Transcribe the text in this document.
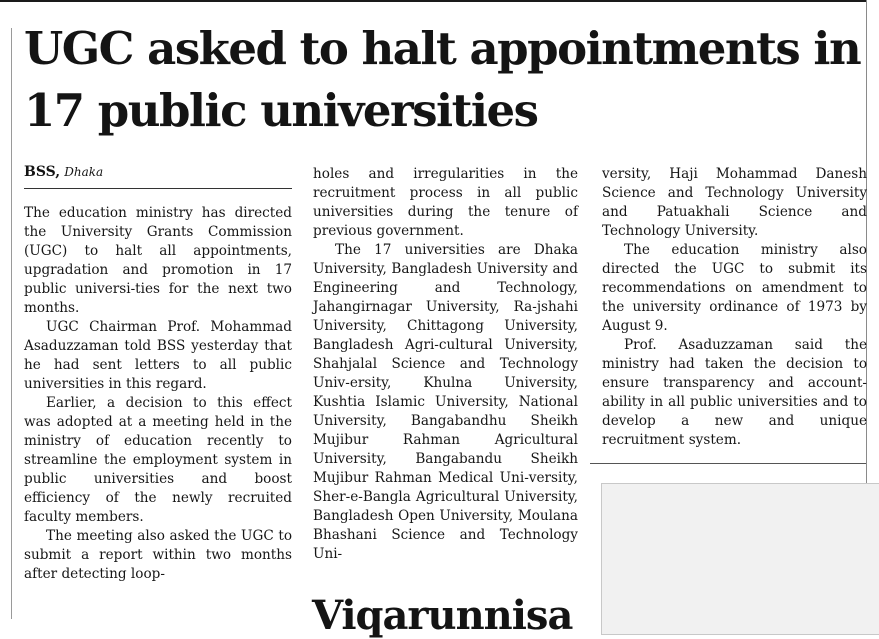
UGC asked to halt appointments in 17 public universities
BSS, Dhaka

The education ministry has directed the University Grants Commission (UGC) to halt all appointments, upgradation and promotion in 17 public universi-ties for the next two months.

UGC Chairman Prof. Mohammad Asaduzzaman told BSS yesterday that he had sent letters to all public universities in this regard.

Earlier, a decision to this effect was adopted at a meeting held in the ministry of education recently to streamline the employment system in public universities and boost efficiency of the newly recruited faculty members.

The meeting also asked the UGC to submit a report within two months after detecting loop-

holes and irregularities in the recruitment process in all public universities during the tenure of previous government.

The 17 universities are Dhaka University, Bangladesh University and Engineering and Technology, Jahangirnagar University, Ra-jshahi University, Chittagong University, Bangladesh Agri-cultural University, Shahjalal Science and Technology Univ-ersity, Khulna University, Kushtia Islamic University, National University, Bangabandhu Sheikh Mujibur Rahman Agricultural University, Bangabandu Sheikh Mujibur Rahman Medical Uni-versity, Sher-e-Bangla Agricultural University, Bangladesh Open University, Moulana Bhashani Science and Technology Uni-

versity, Haji Mohammad Danesh Science and Technology University and Patuakhali Science and Technology University.

The education ministry also directed the UGC to submit its recommendations on amendment to the university ordinance of 1973 by August 9.

Prof. Asaduzzaman said the ministry had taken the decision to ensure transparency and account-ability in all public universities and to develop a new and unique recruitment system.

Viqarunnisa
